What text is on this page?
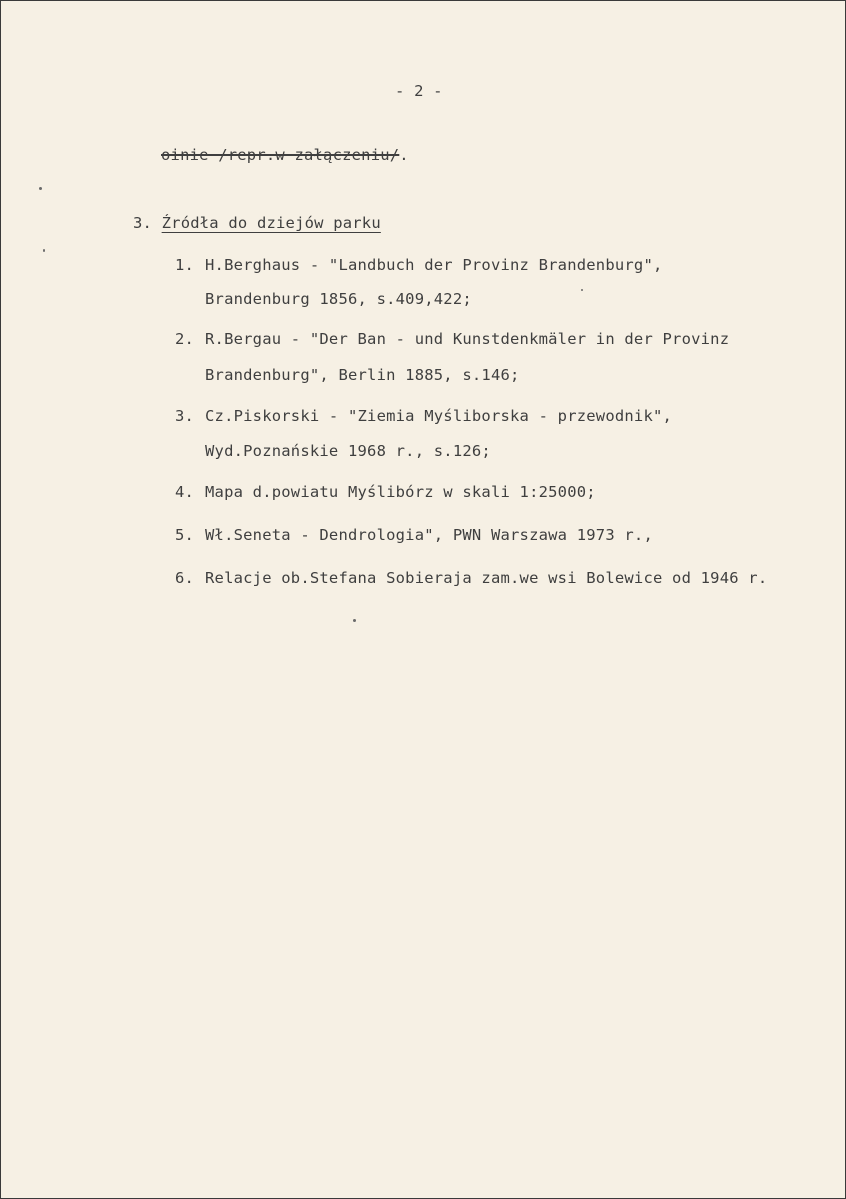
- 2 -
oinie /repr.w załączeniu/.
3. Źródła do dziejów parku
1. H.Berghaus - "Landbuch der Provinz Brandenburg",
Brandenburg 1856, s.409,422;
2. R.Bergau - "Der Ban - und Kunstdenkmäler in der Provinz
Brandenburg", Berlin 1885, s.146;
3. Cz.Piskorski - "Ziemia Myśliborska - przewodnik",
Wyd.Poznańskie 1968 r., s.126;
4. Mapa d.powiatu Myślibórz w skali 1:25000;
5. Wł.Seneta - Dendrologia", PWN Warszawa 1973 r.,
6. Relacje ob.Stefana Sobieraja zam.we wsi Bolewice od 1946 r.
